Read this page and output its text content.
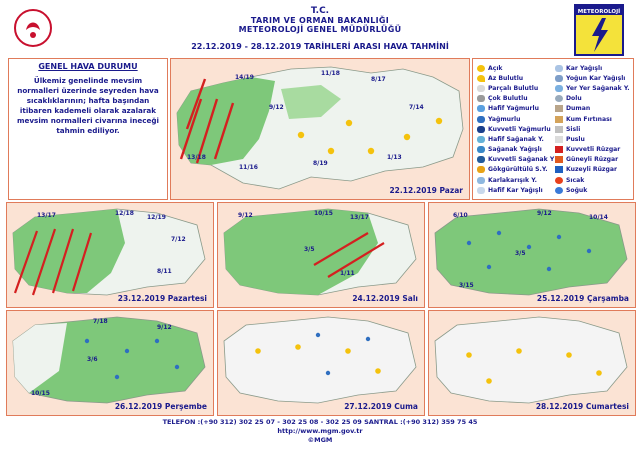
T.C.
TARIM VE ORMAN BAKANLIĞI
METEOROLOJİ GENEL MÜDÜRLÜĞÜ
22.12.2019 - 28.12.2019 TARİHLERİ ARASI HAVA TAHMİNİ
METEOROLOJİ
GENEL HAVA DURUMU
Ülkemiz genelinde mevsim normalleri üzerinde seyreden hava sıcaklıklarının; hafta başından itibaren kademeli olarak azalarak mevsim normalleri civarına ineceği tahmin ediliyor.
14/19
11/18
8/17
9/12	7/14
13/18
11/16
8/19
1/13
22.12.2019 Pazar
Açık
Az Bulutlu
Parçalı Bulutlu
Çok Bulutlu
Hafif Yağmurlu
Yağmurlu
Kuvvetli Yağmurlu
Hafif Sağanak Y.
Sağanak Yağışlı
Kuvvetli Sağanak Y
Gökgürültülü S.Y.
Karlakarışık Y.
Hafif Kar Yağışlı
Kar Yağışlı
Yoğun Kar Yağışlı
Yer Yer Sağanak Y.
Dolu
Duman
Kum Fırtınası
Sisli
Puslu
Kuvvetli Rüzgar
Güneyli Rüzgar
Kuzeyli Rüzgar
Sıcak
Soğuk
13/17	12/18
12/19
7/12
8/11
23.12.2019 Pazartesi
9/12	10/15
13/17
3/5
1/11
24.12.2019 Salı
6/10	9/12
10/14
3/5
3/15
25.12.2019 Çarşamba
7/18
9/12
3/6
10/15
26.12.2019 Perşembe	27.12.2019 Cuma	28.12.2019 Cumartesi
TELEFON :(+90 312) 302 25 07 - 302 25 08 - 302 25 09 SANTRAL :(+90 312) 359 75 45
http://www.mgm.gov.tr
©MGM
